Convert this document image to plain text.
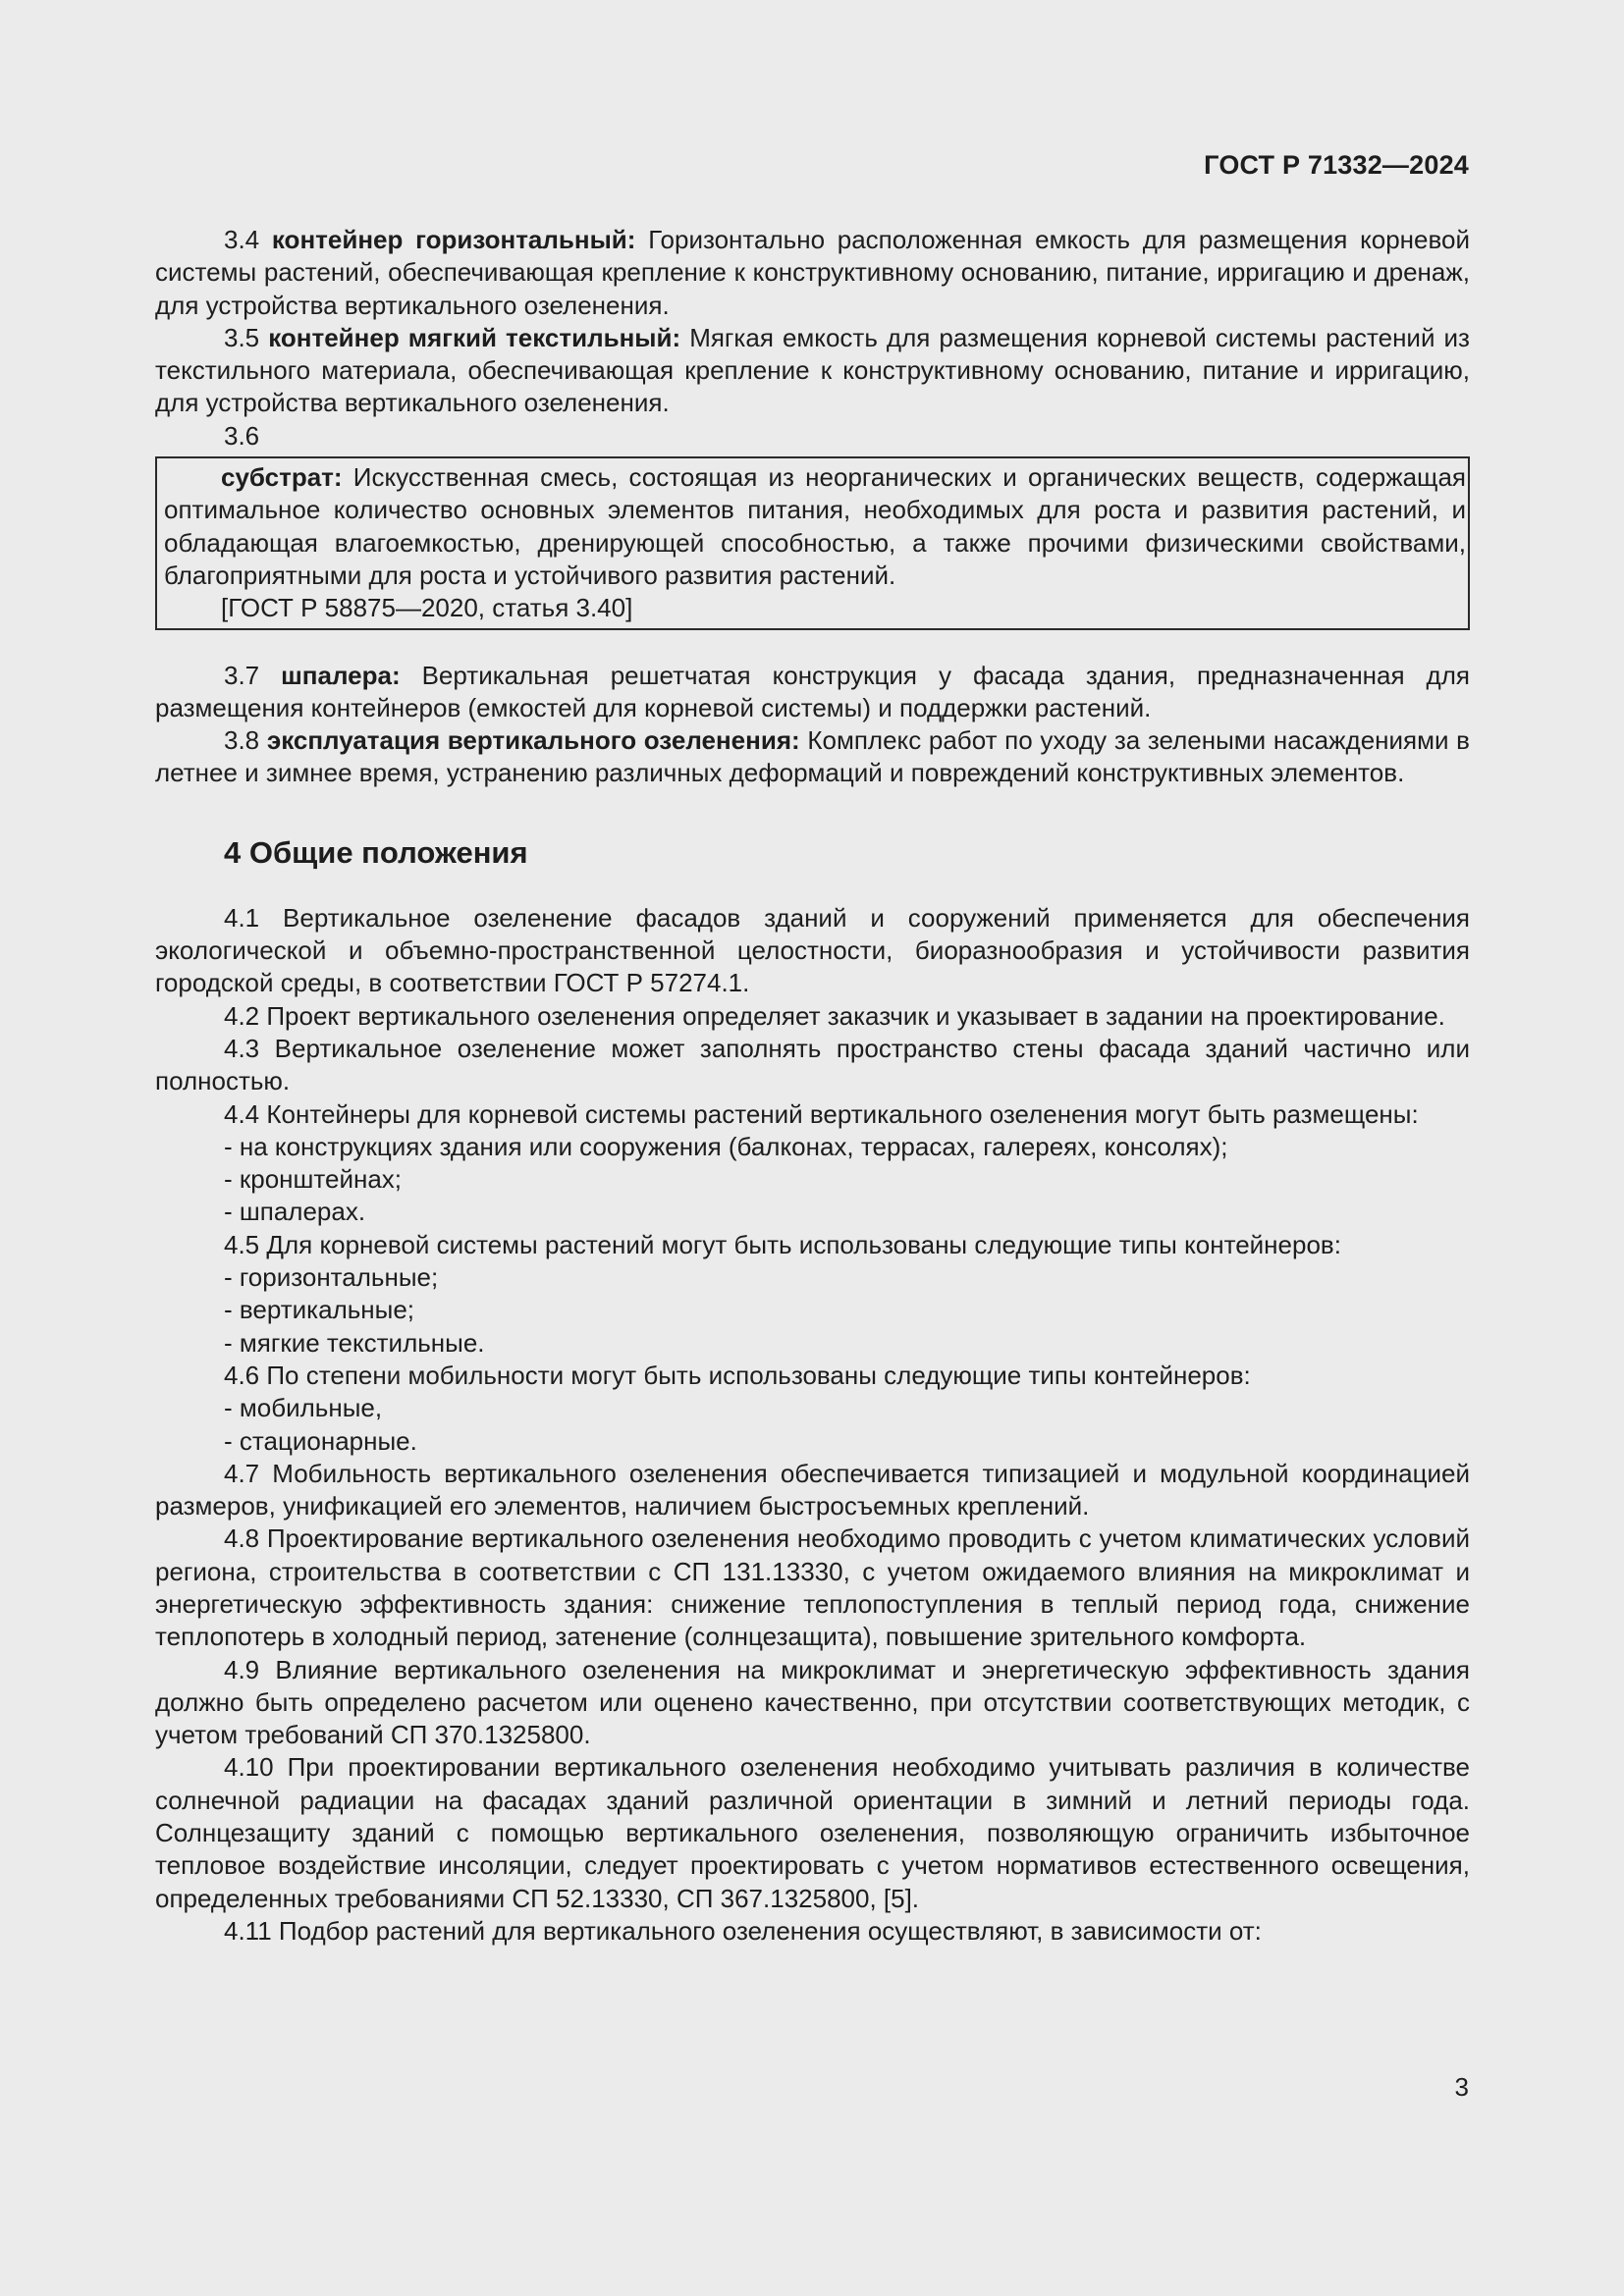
ГОСТ Р 71332—2024

3.4 контейнер горизонтальный: Горизонтально расположенная емкость для размещения корневой системы растений, обеспечивающая крепление к конструктивному основанию, питание, ирригацию и дренаж, для устройства вертикального озеленения.

3.5 контейнер мягкий текстильный: Мягкая емкость для размещения корневой системы растений из текстильного материала, обеспечивающая крепление к конструктивному основанию, питание и ирригацию, для устройства вертикального озеленения.

3.6

субстрат: Искусственная смесь, состоящая из неорганических и органических веществ, содержащая оптимальное количество основных элементов питания, необходимых для роста и развития растений, и обладающая влагоемкостью, дренирующей способностью, а также прочими физическими свойствами, благоприятными для роста и устойчивого развития растений.

[ГОСТ Р 58875—2020, статья 3.40]

3.7 шпалера: Вертикальная решетчатая конструкция у фасада здания, предназначенная для размещения контейнеров (емкостей для корневой системы) и поддержки растений.

3.8 эксплуатация вертикального озеленения: Комплекс работ по уходу за зелеными насаждениями в летнее и зимнее время, устранению различных деформаций и повреждений конструктивных элементов.

4 Общие положения

4.1 Вертикальное озеленение фасадов зданий и сооружений применяется для обеспечения экологической и объемно-пространственной целостности, биоразнообразия и устойчивости развития городской среды, в соответствии ГОСТ Р 57274.1.

4.2 Проект вертикального озеленения определяет заказчик и указывает в задании на проектирование.

4.3 Вертикальное озеленение может заполнять пространство стены фасада зданий частично или полностью.

4.4 Контейнеры для корневой системы растений вертикального озеленения могут быть размещены:

- на конструкциях здания или сооружения (балконах, террасах, галереях, консолях);

- кронштейнах;

- шпалерах.

4.5 Для корневой системы растений могут быть использованы следующие типы контейнеров:

- горизонтальные;

- вертикальные;

- мягкие текстильные.

4.6 По степени мобильности могут быть использованы следующие типы контейнеров:

- мобильные,

- стационарные.

4.7 Мобильность вертикального озеленения обеспечивается типизацией и модульной координацией размеров, унификацией его элементов, наличием быстросъемных креплений.

4.8 Проектирование вертикального озеленения необходимо проводить с учетом климатических условий региона, строительства в соответствии с СП 131.13330, с учетом ожидаемого влияния на микроклимат и энергетическую эффективность здания: снижение теплопоступления в теплый период года, снижение теплопотерь в холодный период, затенение (солнцезащита), повышение зрительного комфорта.

4.9 Влияние вертикального озеленения на микроклимат и энергетическую эффективность здания должно быть определено расчетом или оценено качественно, при отсутствии соответствующих методик, с учетом требований СП 370.1325800.

4.10 При проектировании вертикального озеленения необходимо учитывать различия в количестве солнечной радиации на фасадах зданий различной ориентации в зимний и летний периоды года. Солнцезащиту зданий с помощью вертикального озеленения, позволяющую ограничить избыточное тепловое воздействие инсоляции, следует проектировать с учетом нормативов естественного освещения, определенных требованиями СП 52.13330, СП 367.1325800, [5].

4.11 Подбор растений для вертикального озеленения осуществляют, в зависимости от:

3
